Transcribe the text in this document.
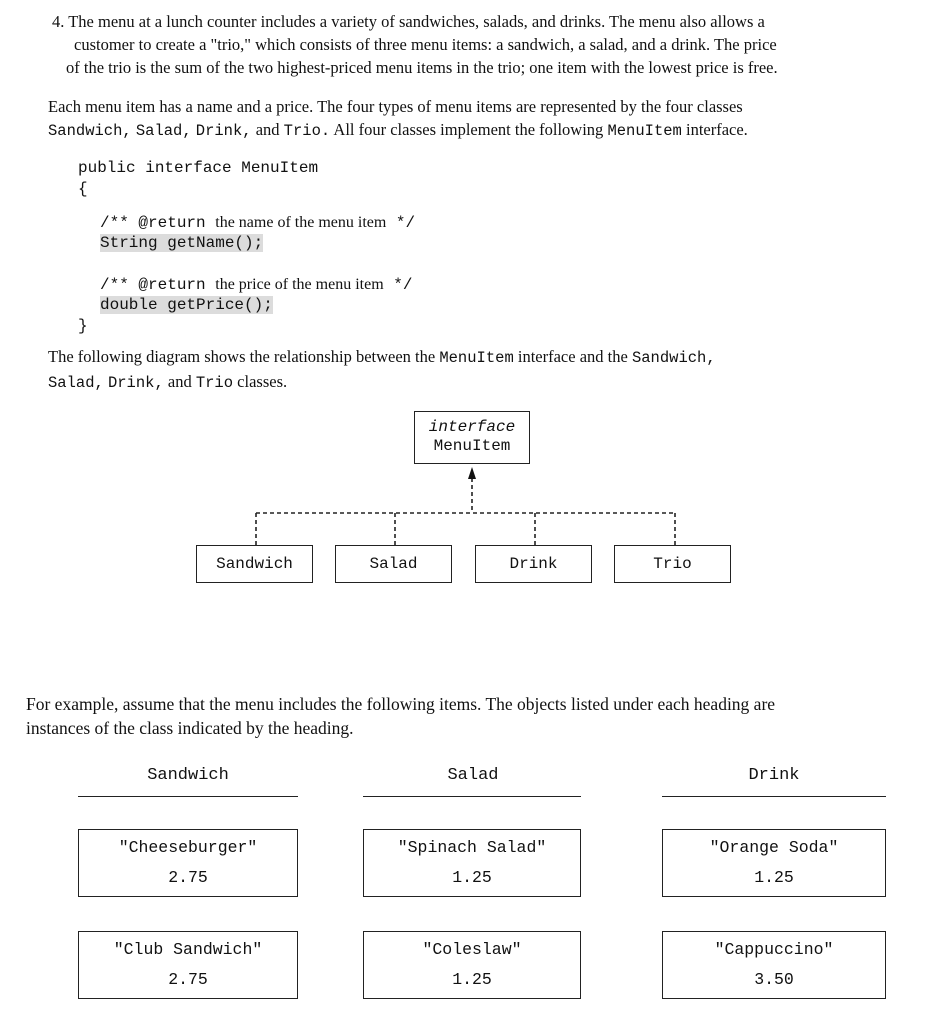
4. The menu at a lunch counter includes a variety of sandwiches, salads, and drinks. The menu also allows a
customer to create a "trio," which consists of three menu items: a sandwich, a salad, and a drink. The price
of the trio is the sum of the two highest-priced menu items in the trio; one item with the lowest price is free.
Each menu item has a name and a price. The four types of menu items are represented by the four classes
Sandwich, Salad, Drink, and Trio. All four classes implement the following MenuItem interface.
public interface MenuItem
{
/** @return the name of the menu item */
String getName();
/** @return the price of the menu item */
double getPrice();
}
The following diagram shows the relationship between the MenuItem interface and the Sandwich,
Salad, Drink, and Trio classes.
interface
MenuItem
Sandwich	Salad	Drink	Trio
For example, assume that the menu includes the following items. The objects listed under each heading are
instances of the class indicated by the heading.
Sandwich
"Cheeseburger"
2.75
"Club Sandwich"
2.75
Salad
"Spinach Salad"
1.25
"Coleslaw"
1.25
Drink
"Orange Soda"
1.25
"Cappuccino"
3.50
